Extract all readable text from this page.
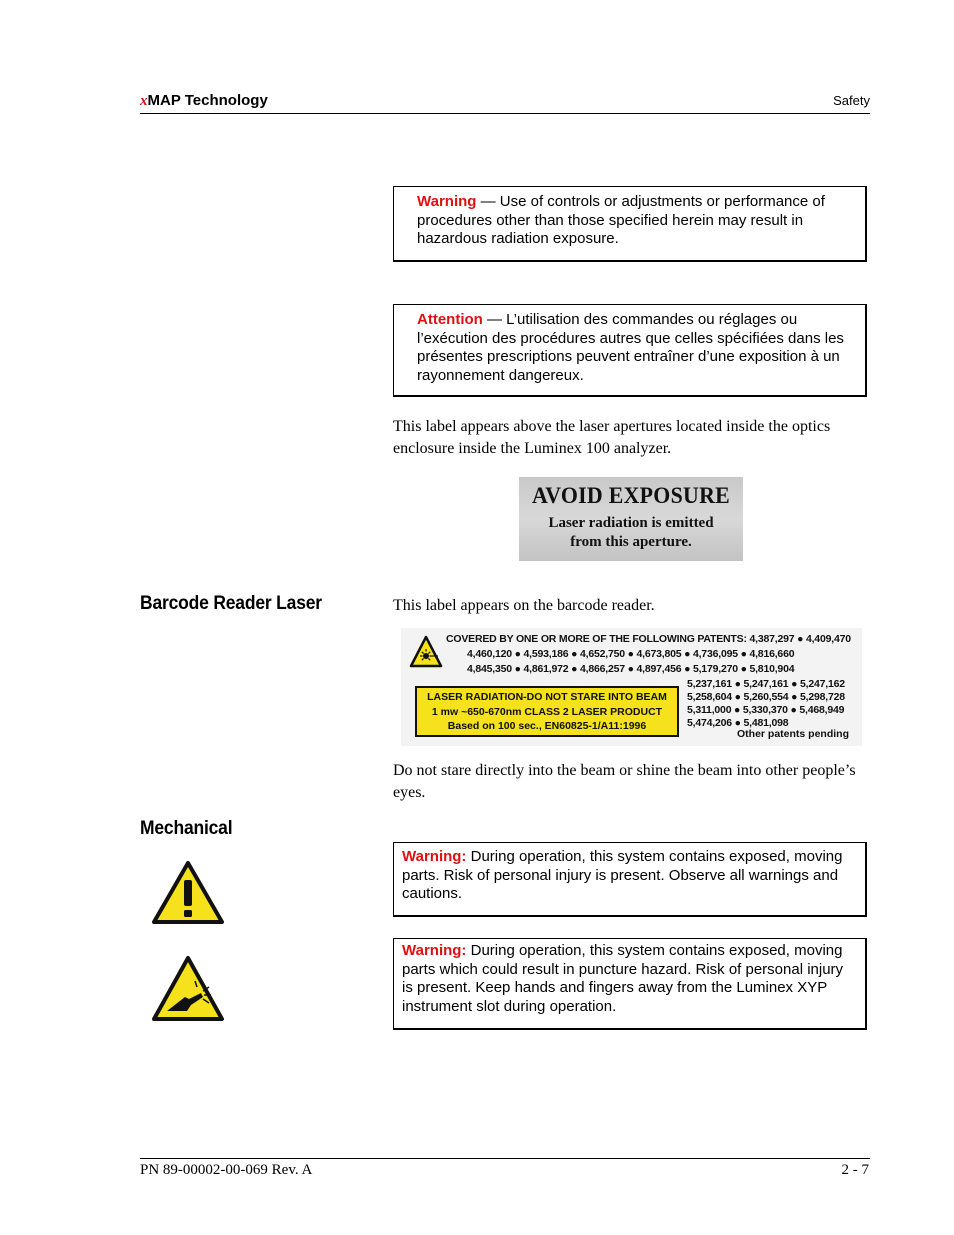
xMAP Technology	Safety
Warning — Use of controls or adjustments or performance of procedures other than those specified herein may result in hazardous radiation exposure.
Attention — L’utilisation des commandes ou réglages ou l’exécution des procédures autres que celles spécifiées dans les présentes prescriptions peuvent entraîner d’une exposition à un rayonnement dangereux.
This label appears above the laser apertures located inside the optics enclosure inside the Luminex 100 analyzer.
AVOID EXPOSURE
Laser radiation is emitted
from this aperture.
Barcode Reader Laser	This label appears on the barcode reader.
COVERED BY ONE OR MORE OF THE FOLLOWING PATENTS: 4,387,297 ● 4,409,470
4,460,120 ● 4,593,186 ● 4,652,750 ● 4,673,805 ● 4,736,095 ● 4,816,660
4,845,350 ● 4,861,972 ● 4,866,257 ● 4,897,456 ● 5,179,270 ● 5,810,904
5,237,161 ● 5,247,161 ● 5,247,162
5,258,604 ● 5,260,554 ● 5,298,728
5,311,000 ● 5,330,370 ● 5,468,949
5,474,206 ● 5,481,098
LASER RADIATION-DO NOT STARE INTO BEAM
1 mw ~650-670nm CLASS 2 LASER PRODUCT
Based on 100 sec., EN60825-1/A11:1996
Other patents pending
Do not stare directly into the beam or shine the beam into other people’s eyes.
Mechanical
Warning: During operation, this system contains exposed, moving parts. Risk of personal injury is present. Observe all warnings and cautions.
Warning: During operation, this system contains exposed, moving parts which could result in puncture hazard. Risk of personal injury is present. Keep hands and fingers away from the Luminex XYP instrument slot during operation.
PN 89-00002-00-069 Rev. A	2 - 7
